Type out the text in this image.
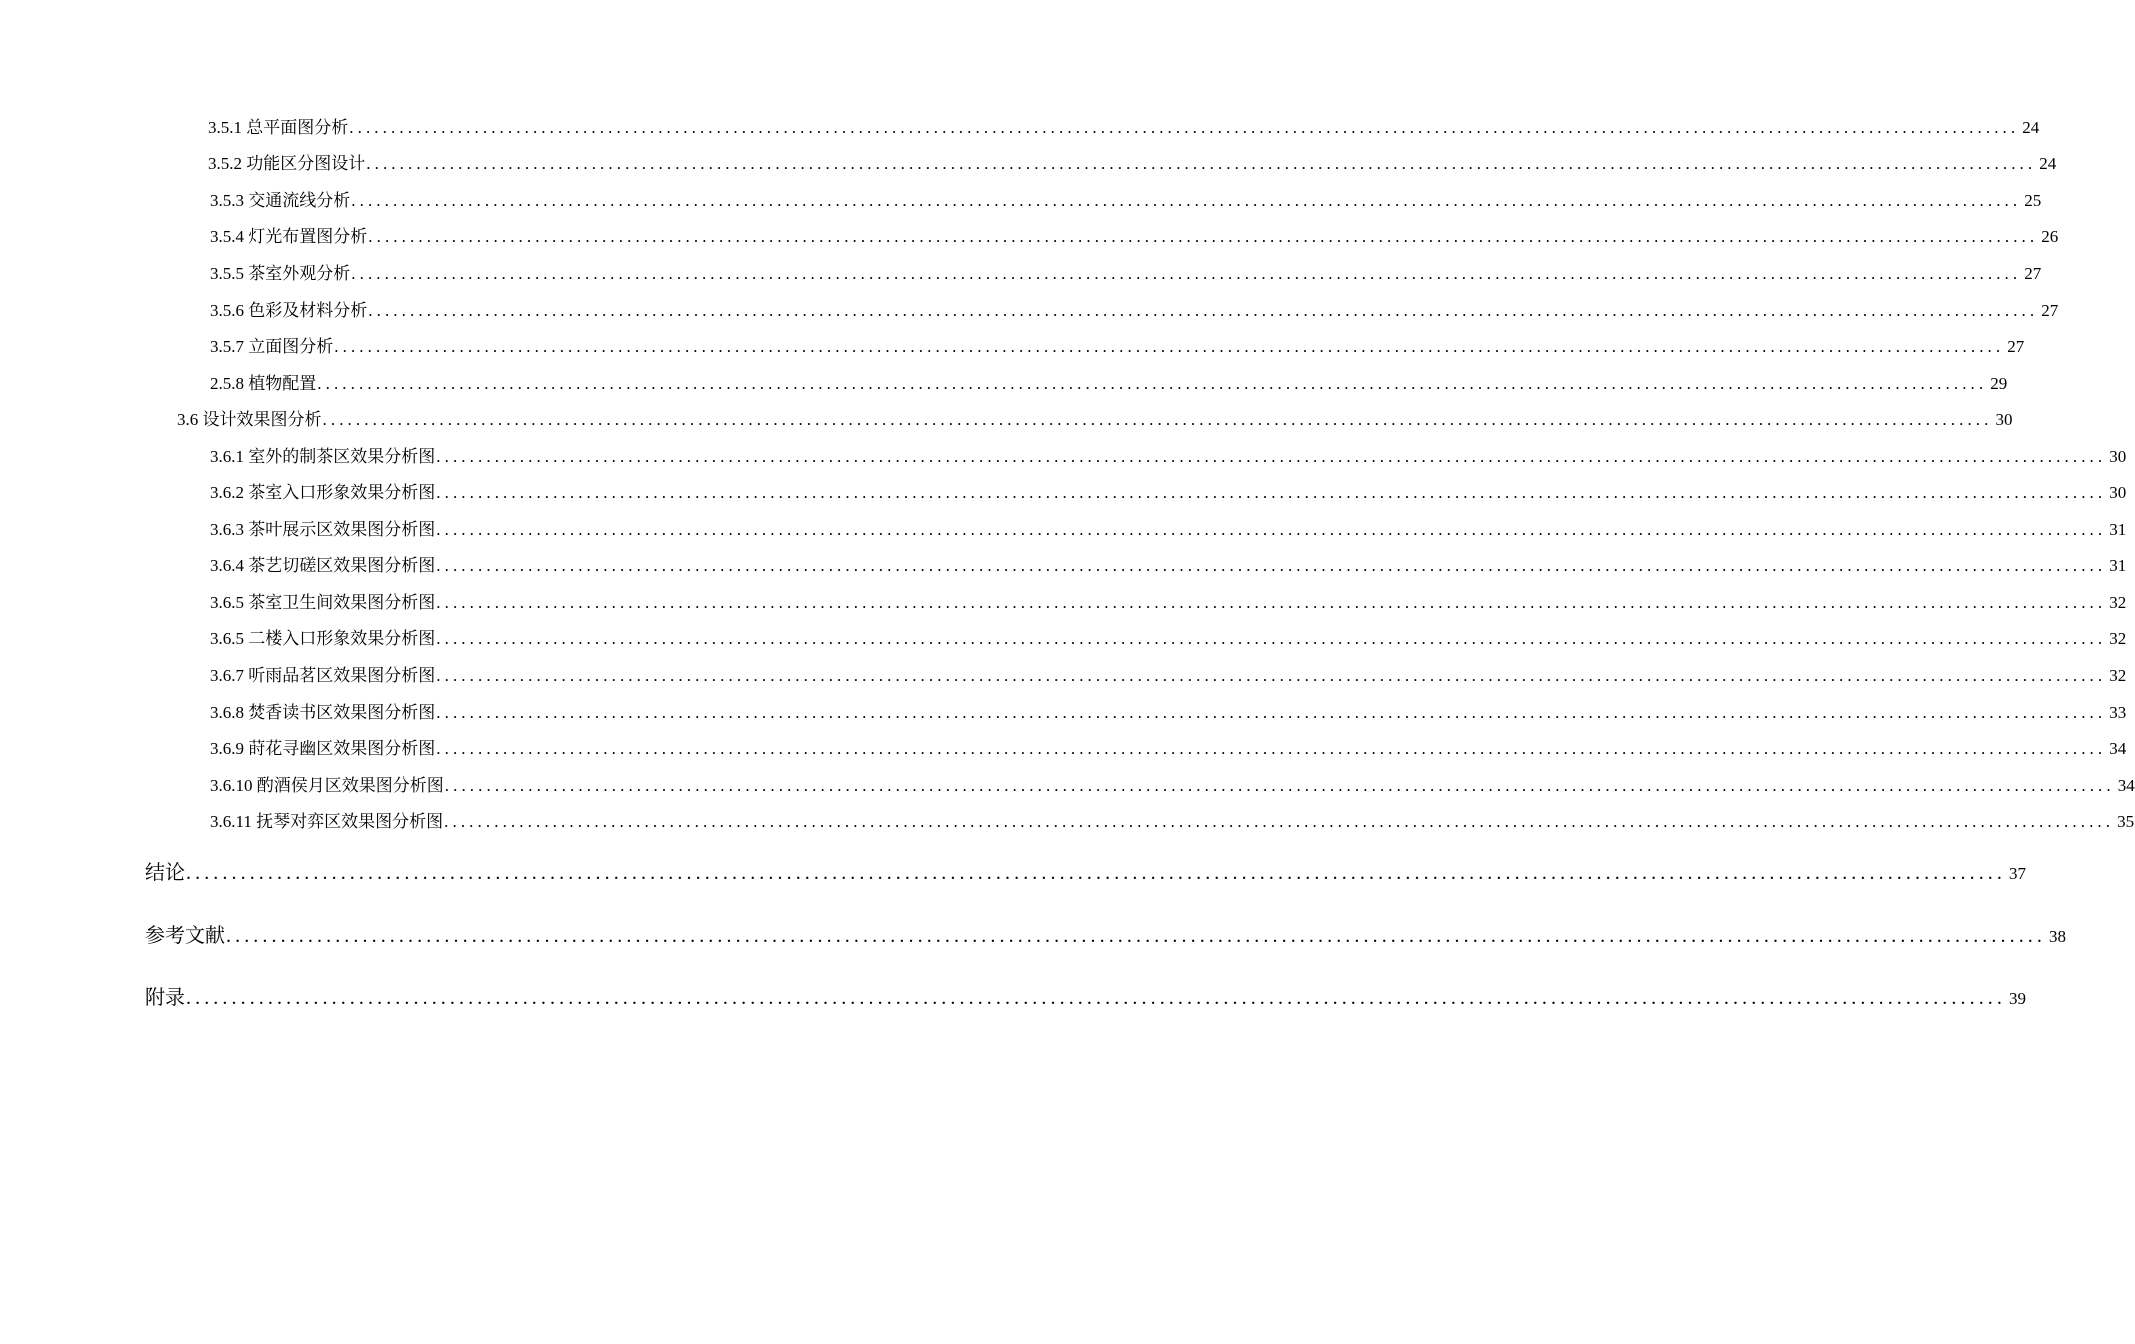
3.5.1 总平面图分析 ........................................................................................................................................................................................................ 24
3.5.2 功能区分图设计 ........................................................................................................................................................................................................ 24
3.5.3 交通流线分析 ........................................................................................................................................................................................................ 25
3.5.4 灯光布置图分析 ........................................................................................................................................................................................................ 26
3.5.5 茶室外观分析 ........................................................................................................................................................................................................ 27
3.5.6 色彩及材料分析 ........................................................................................................................................................................................................ 27
3.5.7 立面图分析 ........................................................................................................................................................................................................ 27
2.5.8 植物配置 ........................................................................................................................................................................................................ 29
3.6 设计效果图分析 ........................................................................................................................................................................................................ 30
3.6.1 室外的制茶区效果分析图 ........................................................................................................................................................................................................ 30
3.6.2 茶室入口形象效果分析图 ........................................................................................................................................................................................................ 30
3.6.3 茶叶展示区效果图分析图 ........................................................................................................................................................................................................ 31
3.6.4 茶艺切磋区效果图分析图 ........................................................................................................................................................................................................ 31
3.6.5 茶室卫生间效果图分析图 ........................................................................................................................................................................................................ 32
3.6.5 二楼入口形象效果分析图 ........................................................................................................................................................................................................ 32
3.6.7 听雨品茗区效果图分析图 ........................................................................................................................................................................................................ 32
3.6.8 焚香读书区效果图分析图 ........................................................................................................................................................................................................ 33
3.6.9 莳花寻幽区效果图分析图 ........................................................................................................................................................................................................ 34
3.6.10 酌酒侯月区效果图分析图 ........................................................................................................................................................................................................ 34
3.6.11 抚琴对弈区效果图分析图 ........................................................................................................................................................................................................ 35
结论 ........................................................................................................................................................................................................ 37
参考文献 ........................................................................................................................................................................................................ 38
附录 ........................................................................................................................................................................................................ 39
